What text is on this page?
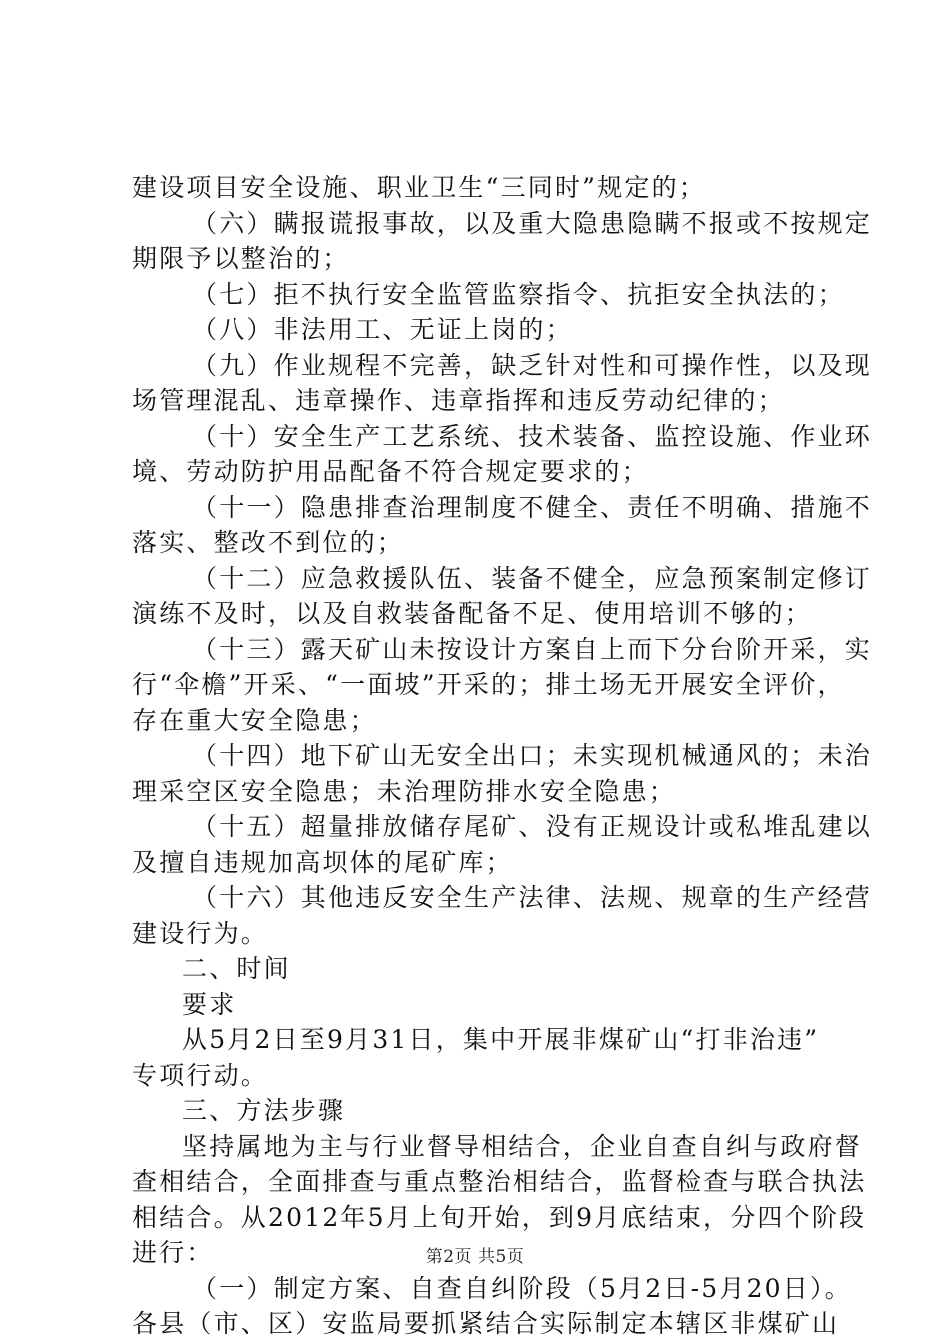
建设项目安全设施、职业卫生“三同时”规定的；
（六）瞒报谎报事故，以及重大隐患隐瞒不报或不按规定
期限予以整治的；
（七）拒不执行安全监管监察指令、抗拒安全执法的；
（八）非法用工、无证上岗的；
（九）作业规程不完善，缺乏针对性和可操作性，以及现
场管理混乱、违章操作、违章指挥和违反劳动纪律的；
（十）安全生产工艺系统、技术装备、监控设施、作业环
境、劳动防护用品配备不符合规定要求的；
（十一）隐患排查治理制度不健全、责任不明确、措施不
落实、整改不到位的；
（十二）应急救援队伍、装备不健全，应急预案制定修订
演练不及时，以及自救装备配备不足、使用培训不够的；
（十三）露天矿山未按设计方案自上而下分台阶开采，实
行“伞檐”开采、“一面坡”开采的；排土场无开展安全评价，
存在重大安全隐患；
（十四）地下矿山无安全出口；未实现机械通风的；未治
理采空区安全隐患；未治理防排水安全隐患；
（十五）超量排放储存尾矿、没有正规设计或私堆乱建以
及擅自违规加高坝体的尾矿库；
（十六）其他违反安全生产法律、法规、规章的生产经营
建设行为。
二、时间
要求
从5月2日至9月31日，集中开展非煤矿山“打非治违”
专项行动。
三、方法步骤
坚持属地为主与行业督导相结合，企业自查自纠与政府督
查相结合，全面排查与重点整治相结合，监督检查与联合执法
相结合。从2012年5月上旬开始，到9月底结束，分四个阶段
进行：
（一）制定方案、自查自纠阶段（5月2日-5月20日）。
各县（市、区）安监局要抓紧结合实际制定本辖区非煤矿山
第2页 共5页
